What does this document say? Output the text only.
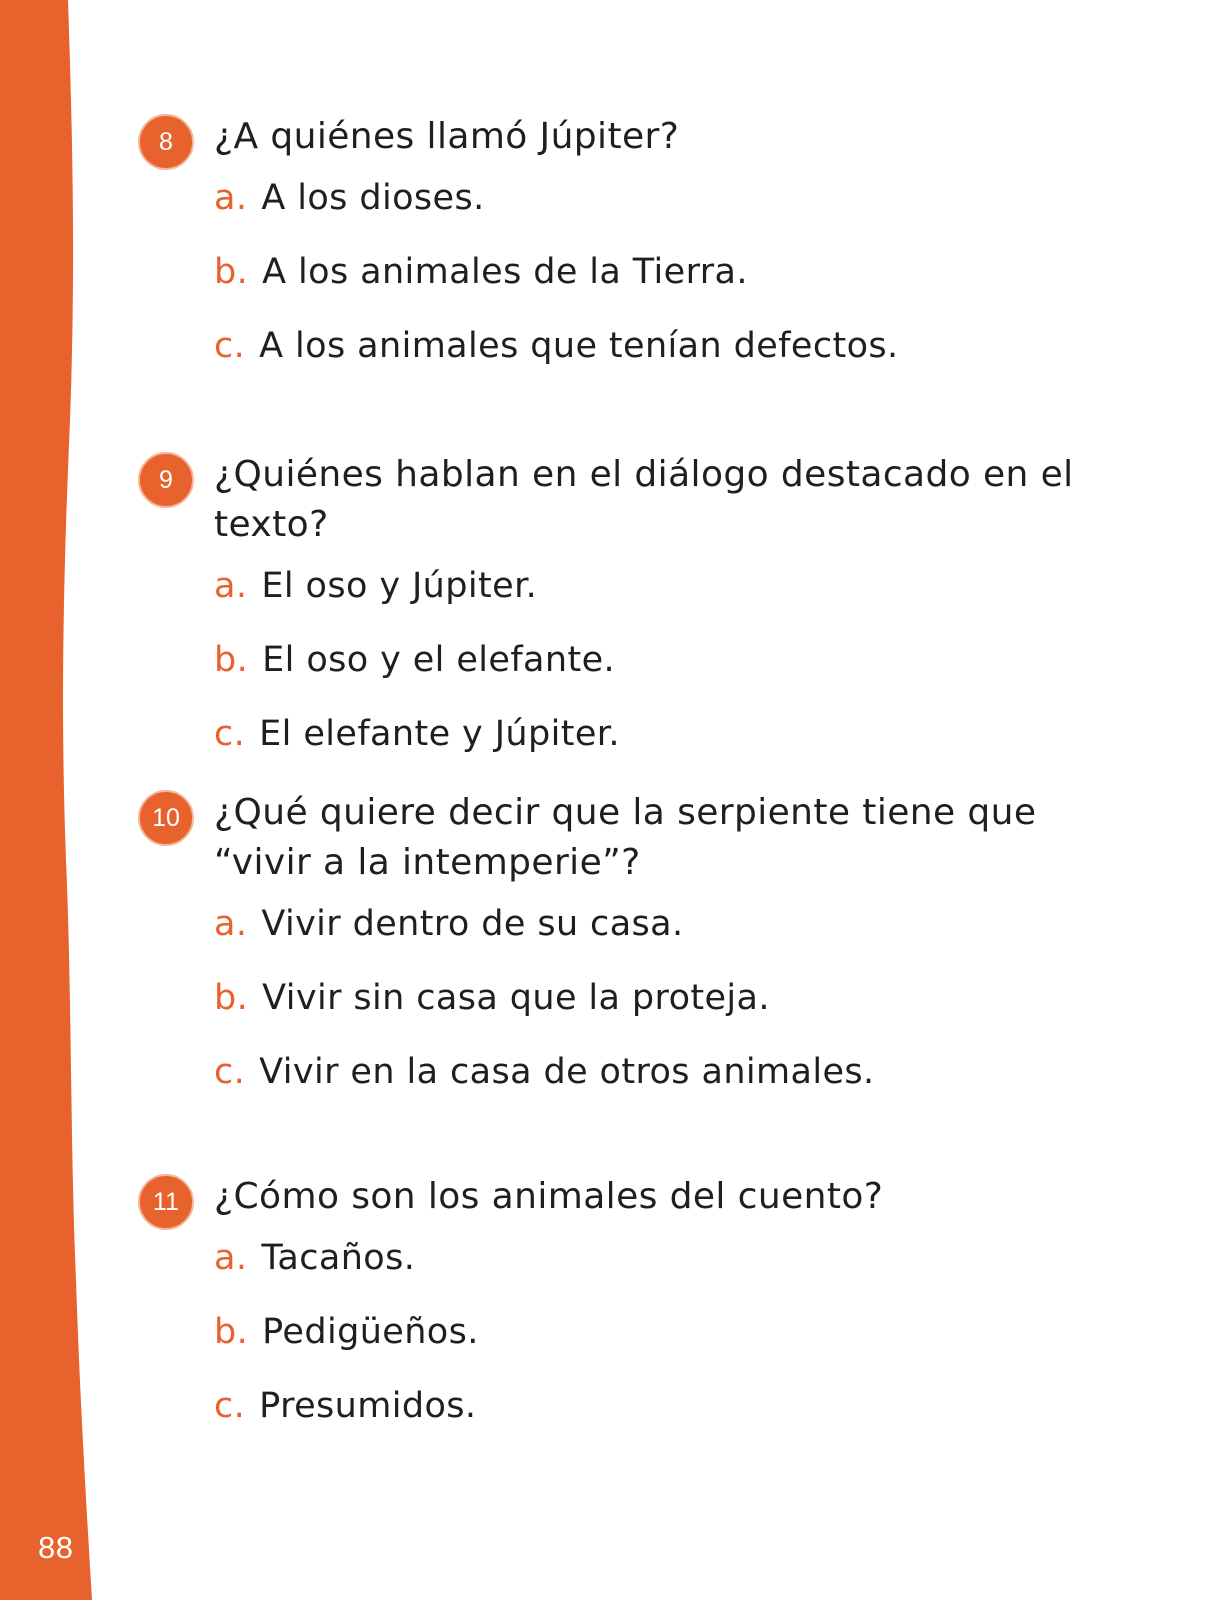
88
8	¿A quiénes llamó Júpiter?
a. A los dioses.
b. A los animales de la Tierra.
c. A los animales que tenían defectos.
9	¿Quiénes hablan en el diálogo destacado en el texto?
a. El oso y Júpiter.
b. El oso y el elefante.
c. El elefante y Júpiter.
10 ¿Qué quiere decir que la serpiente tiene que
“vivir a la intemperie”?
a. Vivir dentro de su casa.
b. Vivir sin casa que la proteja.
c. Vivir en la casa de otros animales.
11 ¿Cómo son los animales del cuento?
a. Tacaños.
b. Pedigüeños.
c. Presumidos.
